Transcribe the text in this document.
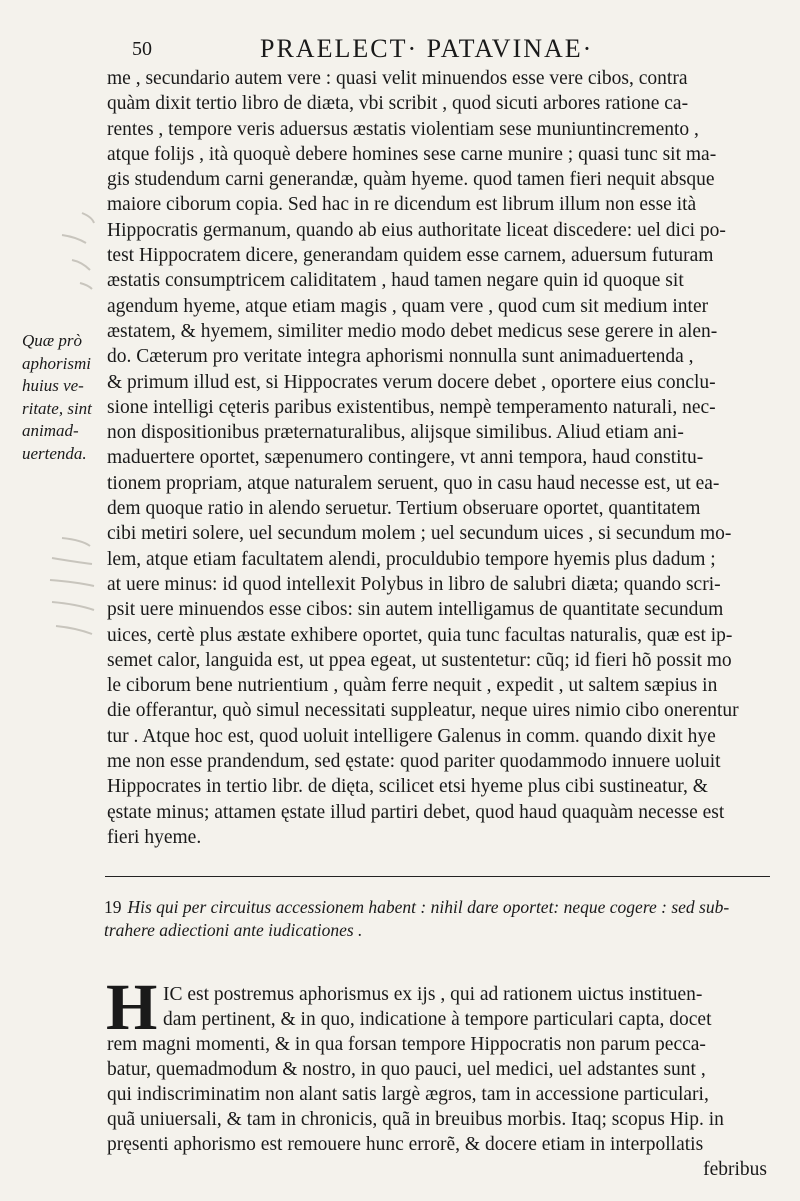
50	PRAELECT· PATAVINAE·
me , secundario autem vere : quasi velit minuendos esse vere cibos, contra
quàm dixit tertio libro de diæta, vbi scribit , quod sicuti arbores ratione ca-
rentes , tempore veris aduersus æstatis violentiam sese muniuntincremento ,
atque folijs , ità quoquè debere homines sese carne munire ; quasi tunc sit ma-
gis studendum carni generandæ, quàm hyeme. quod tamen fieri nequit absque
maiore ciborum copia. Sed hac in re dicendum est librum illum non esse ità
Hippocratis germanum, quando ab eius authoritate liceat discedere: uel dici po-
test Hippocratem dicere, generandam quidem esse carnem, aduersum futuram
æstatis consumptricem caliditatem , haud tamen negare quin id quoque sit
agendum hyeme, atque etiam magis , quam vere , quod cum sit medium inter
æstatem, & hyemem, similiter medio modo debet medicus sese gerere in alen-
do. Cæterum pro veritate integra aphorismi nonnulla sunt animaduertenda ,
& primum illud est, si Hippocrates verum docere debet , oportere eius conclu-
sione intelligi cęteris paribus existentibus, nempè temperamento naturali, nec-
non dispositionibus præternaturalibus, alijsque similibus. Aliud etiam ani-
maduertere oportet, sæpenumero contingere, vt anni tempora, haud constitu-
tionem propriam, atque naturalem seruent, quo in casu haud necesse est, ut ea-
dem quoque ratio in alendo seruetur. Tertium obseruare oportet, quantitatem
cibi metiri solere, uel secundum molem ; uel secundum uices , si secundum mo-
lem, atque etiam facultatem alendi, proculdubio tempore hyemis plus dadum ;
at uere minus: id quod intellexit Polybus in libro de salubri diæta; quando scri-
psit uere minuendos esse cibos: sin autem intelligamus de quantitate secundum
uices, certè plus æstate exhibere oportet, quia tunc facultas naturalis, quæ est ip-
semet calor, languida est, ut ppea egeat, ut sustentetur: cũq; id fieri hõ possit mo
le ciborum bene nutrientium , quàm ferre nequit , expedit , ut saltem sæpius in
die offerantur, quò simul necessitati suppleatur, neque uires nimio cibo onerentur
tur . Atque hoc est, quod uoluit intelligere Galenus in comm. quando dixit hye
me non esse prandendum, sed ęstate: quod pariter quodammodo innuere uoluit
Hippocrates in tertio libr. de dięta, scilicet etsi hyeme plus cibi sustineatur, &
ęstate minus; attamen ęstate illud partiri debet, quod haud quaquàm necesse est
fieri hyeme.
Quæ prò
aphorismi
huius ve-
ritate, sint
animad-
uertenda.
19 His qui per circuitus accessionem habent : nihil dare oportet: neque cogere : sed sub-
trahere adiectioni ante iudicationes .
H IC est postremus aphorismus ex ijs , qui ad rationem uictus instituen-
dam pertinent, & in quo, indicatione à tempore particulari capta, docet
rem magni momenti, & in qua forsan tempore Hippocratis non parum pecca-
batur, quemadmodum & nostro, in quo pauci, uel medici, uel adstantes sunt ,
qui indiscriminatim non alant satis largè ægros, tam in accessione particulari,
quã uniuersali, & tam in chronicis, quã in breuibus morbis. Itaq; scopus Hip. in
pręsenti aphorismo est remouere hunc errorẽ, & docere etiam in interpollatis
febribus
